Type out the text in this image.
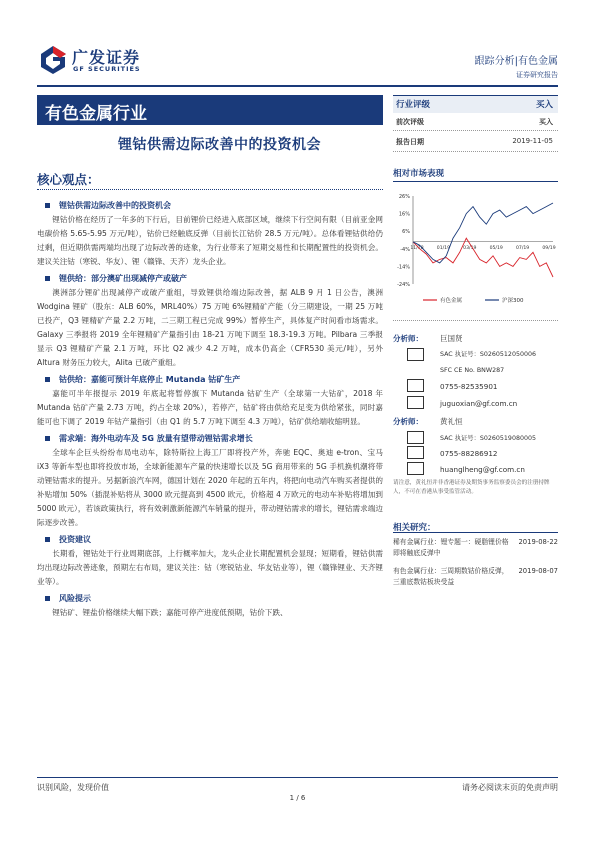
广发证券
GF SECURITIES
跟踪分析|有色金属
证券研究报告
有色金属行业
锂钴供需边际改善中的投资机会
行业评级	买入
前次评级	买入
报告日期	2019-11-05
核心观点：
锂钴供需边际改善中的投资机会

锂钴价格在经历了一年多的下行后，目前锂价已经进入底部区域，继续下行空间有限（目前亚金网电碳价格 5.65-5.95 万元/吨），钴价已经触底反弹（目前长江钴价 28.5 万元/吨）。总体看锂钴供给仍过剩，但近期供需两端均出现了边际改善的迹象，为行业带来了短期交易性和长期配置性的投资机会。建议关注钴（寒锐、华友）、锂（赣锋、天齐）龙头企业。

锂供给：部分澳矿出现减停产或破产

澳洲部分锂矿出现减停产或破产重组，导致锂供给端边际改善，据 ALB 9 月 1 日公告，澳洲 Wodgina 锂矿（股东：ALB 60%，MRL40%）75 万吨 6%锂精矿产能（分三期建设，一期 25 万吨已投产，Q3 锂精矿产量 2.2 万吨，二三期工程已完成 99%）暂停生产，具体复产时间看市场需求。Galaxy 三季报将 2019 全年锂精矿产量指引由 18-21 万吨下调至 18.3-19.3 万吨。Pilbara 三季报显示 Q3 锂精矿产量 2.1 万吨，环比 Q2 减少 4.2 万吨，成本仍高企（CFR530 美元/吨），另外 Altura 财务压力较大，Alita 已破产重组。

钴供给：嘉能可预计年底停止 Mutanda 钴矿生产

嘉能可半年报提示 2019 年底起将暂停旗下 Mutanda 钴矿生产（全球第一大钴矿，2018 年 Mutanda 钴矿产量 2.73 万吨，约占全球 20%），若停产，钴矿将由供给充足变为供给紧张，同时嘉能可也下调了 2019 年钴产量指引（由 Q1 的 5.7 万吨下调至 4.3 万吨），钴矿供给端收缩明显。

需求端：海外电动车及 5G 放量有望带动锂钴需求增长

全球车企巨头纷纷布局电动车，除特斯拉上海工厂即将投产外，奔驰 EQC、奥迪 e-tron、宝马 iX3 等新车型也即将投放市场，全球新能源车产量的快速增长以及 5G 商用带来的 5G 手机换机潮将带动锂钴需求的提升。另据新浪汽车网，德国计划在 2020 年起的五年内，将把向电动汽车购买者提供的补贴增加 50%（插混补贴将从 3000 欧元提高到 4500 欧元，价格超 4 万欧元的电动车补贴将增加到 5000 欧元），若该政策执行，将有效刺激新能源汽车销量的提升，带动锂钴需求的增长，锂钴需求端边际逐步改善。

投资建议

长期看，锂钴处于行业周期底部，上行概率加大，龙头企业长期配置机会显现；短期看，锂钴供需均出现边际改善迹象，预期左右布局，建议关注：钴（寒锐钴业、华友钴业等），锂（赣锋锂业、天齐锂业等）。

风险提示

锂钴矿、锂盐价格继续大幅下跌；嘉能可停产进度低预期，钴价下跌、

相对市场表现
26%
16%
6%
-4%
-14%
-24%
11/18	01/19	03/19	05/19	07/19	09/19
有色金属	沪深300
分析师： 巨国贤
SAC 执证号：S0260512050006
SFC CE No. BNW287
0755-82535901
juguoxian@gf.com.cn
分析师： 黄礼恒
SAC 执证号：S0260519080005
0755-88286912
huanglheng@gf.com.cn
请注意，黄礼恒并非香港证券及期货事务监察委员会的注册持牌人，不可在香港从事受监管活动。
相关研究：
稀有金属行业：锂专题一：硬脂锂价格即将触底反弹中
2019-08-22
有色金属行业：三周期数钴价格反弹，三重底数钴板块受益
2019-08-07
识别风险，发现价值	请务必阅读末页的免责声明
1 / 6
